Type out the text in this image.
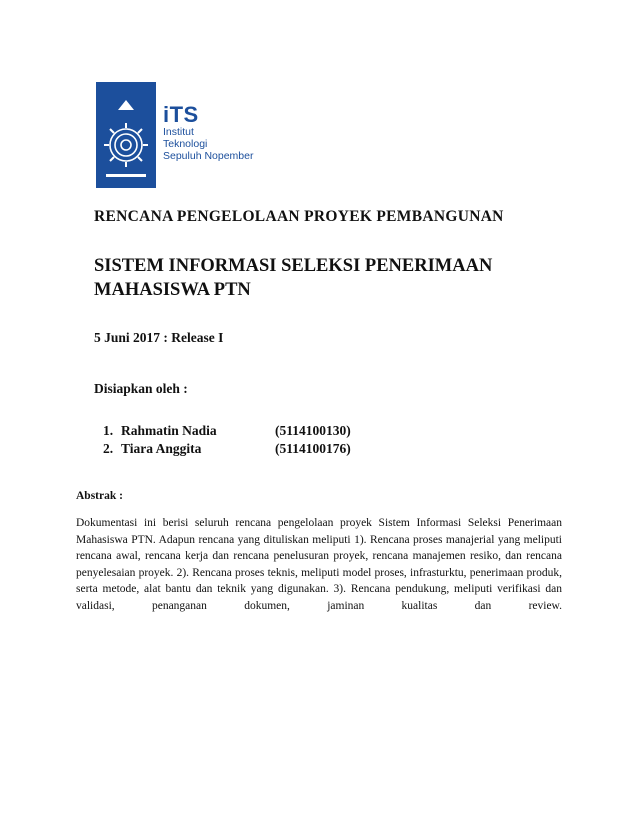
iTS
Institut
Teknologi
Sepuluh Nopember
RENCANA PENGELOLAAN PROYEK PEMBANGUNAN
SISTEM INFORMASI SELEKSI PENERIMAAN MAHASISWA PTN
5 Juni 2017 : Release I
Disiapkan oleh :
1. Rahmatin Nadia	(5114100130)
2. Tiara Anggita	(5114100176)
Abstrak :
Dokumentasi ini berisi seluruh rencana pengelolaan proyek Sistem Informasi Seleksi Penerimaan Mahasiswa PTN. Adapun rencana yang dituliskan meliputi 1). Rencana proses manajerial yang meliputi rencana awal, rencana kerja dan rencana penelusuran proyek, rencana manajemen resiko, dan rencana penyelesaian proyek. 2). Rencana proses teknis, meliputi model proses, infrasturktu, penerimaan produk, serta metode, alat bantu dan teknik yang digunakan. 3). Rencana pendukung, meliputi verifikasi dan validasi, penanganan dokumen, jaminan kualitas dan review.
